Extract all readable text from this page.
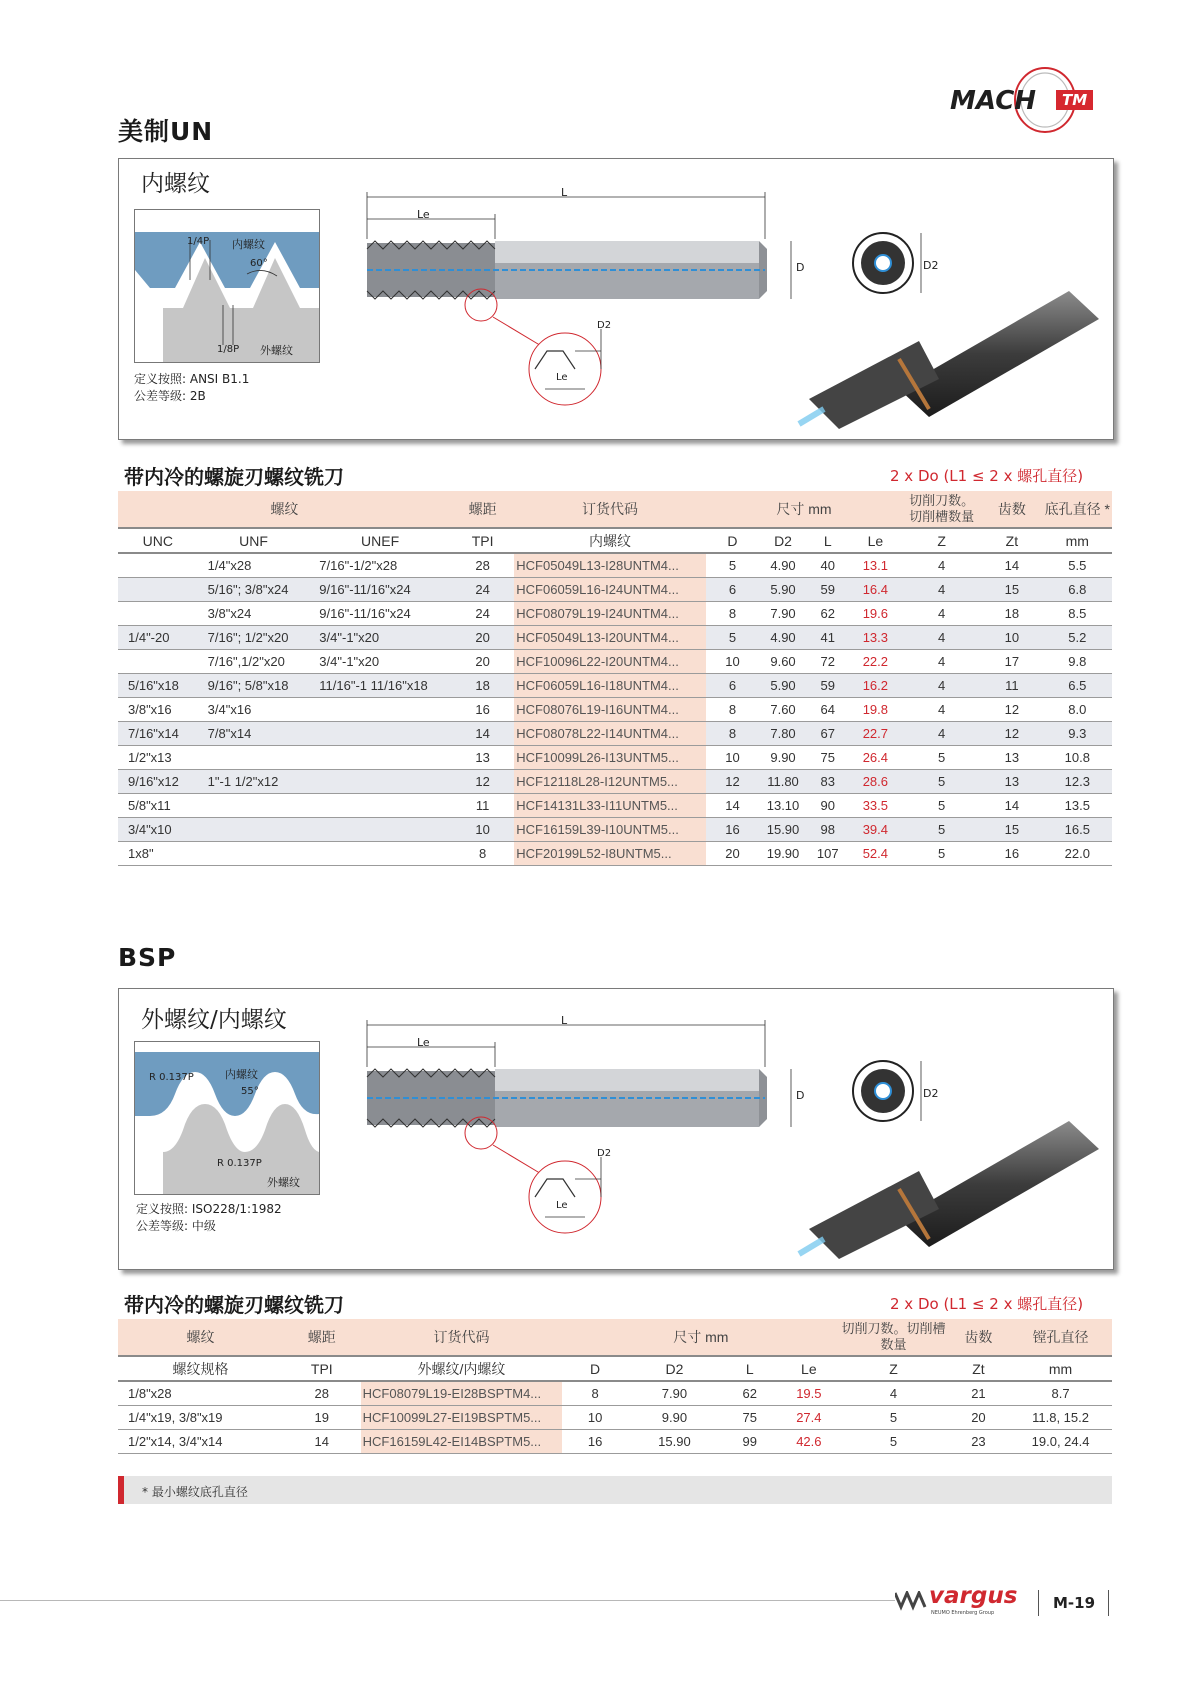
MACH	TM
美制UN
内螺纹
1/4P 内螺纹
60°
1/8P 外螺纹
定义按照: ANSI B1.1
公差等级: 2B
L
Le
D
D2
Le
D2
带内冷的螺旋刃螺纹铣刀	2 x Do (L1 ≤ 2 x 螺孔直径)
螺纹			螺距	订货代码	尺寸 mm				切削刀数。切削槽数量	齿数	底孔直径 *
UNC	UNF	UNEF	TPI	内螺纹	D	D2	L	Le	Z	Zt	mm
	1/4"x28	7/16"-1/2"x28	28	HCF05049L13-I28UNTM4...	5	4.90	40	13.1	4	14	5.5
	5/16"; 3/8"x24	9/16"-11/16"x24	24	HCF06059L16-I24UNTM4...	6	5.90	59	16.4	4	15	6.8
	3/8"x24	9/16"-11/16"x24	24	HCF08079L19-I24UNTM4...	8	7.90	62	19.6	4	18	8.5
1/4"-20	7/16"; 1/2"x20	3/4"-1"x20	20	HCF05049L13-I20UNTM4...	5	4.90	41	13.3	4	10	5.2
	7/16",1/2"x20	3/4"-1"x20	20	HCF10096L22-I20UNTM4...	10	9.60	72	22.2	4	17	9.8
5/16"x18	9/16"; 5/8"x18	11/16"-1 11/16"x18	18	HCF06059L16-I18UNTM4...	6	5.90	59	16.2	4	11	6.5
3/8"x16	3/4"x16		16	HCF08076L19-I16UNTM4...	8	7.60	64	19.8	4	12	8.0
7/16"x14	7/8"x14		14	HCF08078L22-I14UNTM4...	8	7.80	67	22.7	4	12	9.3
1/2"x13			13	HCF10099L26-I13UNTM5...	10	9.90	75	26.4	5	13	10.8
9/16"x12	1"-1 1/2"x12		12	HCF12118L28-I12UNTM5...	12	11.80	83	28.6	5	13	12.3
5/8"x11			11	HCF14131L33-I11UNTM5...	14	13.10	90	33.5	5	14	13.5
3/4"x10			10	HCF16159L39-I10UNTM5...	16	15.90	98	39.4	5	15	16.5
1x8"			8	HCF20199L52-I8UNTM5...	20	19.90	107	52.4	5	16	22.0
BSP
外螺纹/内螺纹
R 0.137P	内螺纹
55°
R 0.137P
外螺纹
定义按照: ISO228/1:1982
公差等级: 中级
L
Le
D
D2
Le
D2
带内冷的螺旋刃螺纹铣刀	2 x Do (L1 ≤ 2 x 螺孔直径)
螺纹	螺距	订货代码	尺寸 mm				切削刀数。切削槽数量	齿数	镗孔直径
螺纹规格	TPI	外螺纹/内螺纹	D	D2	L	Le	Z	Zt	mm
1/8"x28	28	HCF08079L19-EI28BSPTM4...	8	7.90	62	19.5	4	21	8.7
1/4"x19, 3/8"x19	19	HCF10099L27-EI19BSPTM5...	10	9.90	75	27.4	5	20	11.8, 15.2
1/2"x14, 3/4"x14	14	HCF16159L42-EI14BSPTM5...	16	15.90	99	42.6	5	23	19.0, 24.4
* 最小螺纹底孔直径
vargus
NEUMO Ehrenberg Group
M-19
